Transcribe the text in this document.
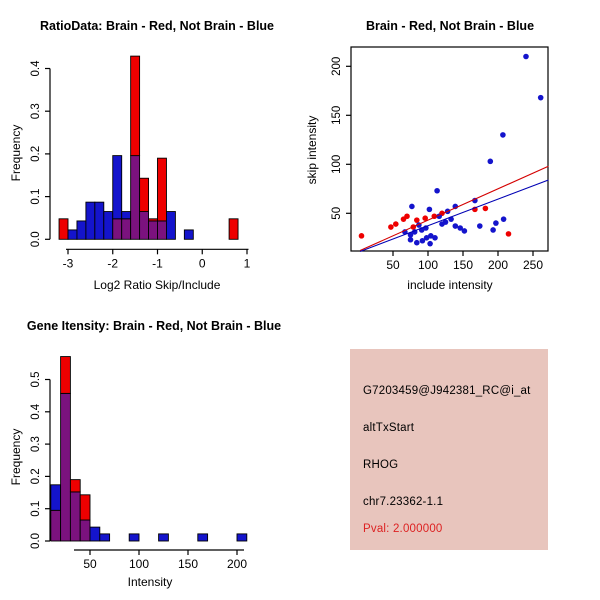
0.0
0.1
0.2
0.3
0.4
-3	-2	-1	0	1
RatioData: Brain - Red, Not Brain - Blue
Log2 Ratio Skip/Include
Frequency
50 100 150 200 250
50
100
150
200
Brain - Red, Not Brain - Blue
include intensity
skip intensity
0.0
0.1
0.2
0.3
0.4
0.5
50	100 150 200
Gene Itensity: Brain - Red, Not Brain - Blue
Intensity
Frequency
G7203459@J942381_RC@i_at
altTxStart
RHOG
chr7.23362-1.1
Pval: 2.000000
